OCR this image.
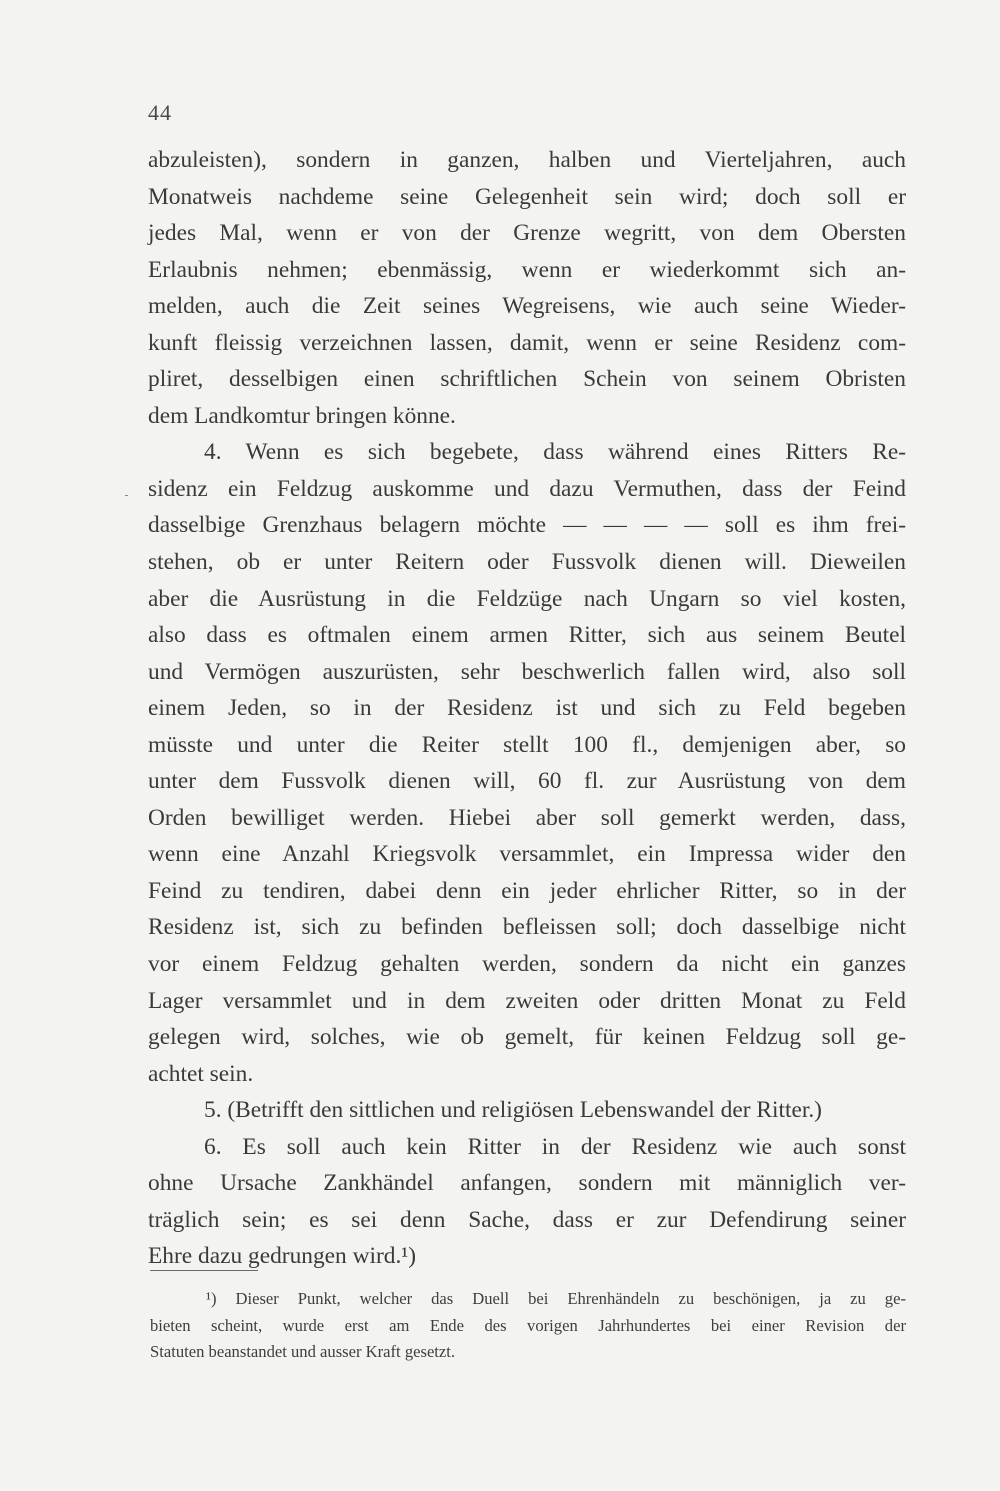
44
abzuleisten), sondern in ganzen, halben und Vierteljahren, auch
Monatweis nachdeme seine Gelegenheit sein wird; doch soll er
jedes Mal, wenn er von der Grenze wegritt, von dem Obersten
Erlaubnis nehmen; ebenmässig, wenn er wiederkommt sich an-
melden, auch die Zeit seines Wegreisens, wie auch seine Wieder-
kunft fleissig verzeichnen lassen, damit, wenn er seine Residenz com-
pliret, desselbigen einen schriftlichen Schein von seinem Obristen
dem Landkomtur bringen könne.
4. Wenn es sich begebete, dass während eines Ritters Re-
sidenz ein Feldzug auskomme und dazu Vermuthen, dass der Feind
dasselbige Grenzhaus belagern möchte — — — — soll es ihm frei-
stehen, ob er unter Reitern oder Fussvolk dienen will. Dieweilen
aber die Ausrüstung in die Feldzüge nach Ungarn so viel kosten,
also dass es oftmalen einem armen Ritter, sich aus seinem Beutel
und Vermögen auszurüsten, sehr beschwerlich fallen wird, also soll
einem Jeden, so in der Residenz ist und sich zu Feld begeben
müsste und unter die Reiter stellt 100 fl., demjenigen aber, so
unter dem Fussvolk dienen will, 60 fl. zur Ausrüstung von dem
Orden bewilliget werden. Hiebei aber soll gemerkt werden, dass,
wenn eine Anzahl Kriegsvolk versammlet, ein Impressa wider den
Feind zu tendiren, dabei denn ein jeder ehrlicher Ritter, so in der
Residenz ist, sich zu befinden befleissen soll; doch dasselbige nicht
vor einem Feldzug gehalten werden, sondern da nicht ein ganzes
Lager versammlet und in dem zweiten oder dritten Monat zu Feld
gelegen wird, solches, wie ob gemelt, für keinen Feldzug soll ge-
achtet sein.
5. (Betrifft den sittlichen und religiösen Lebenswandel der Ritter.)
6. Es soll auch kein Ritter in der Residenz wie auch sonst
ohne Ursache Zankhändel anfangen, sondern mit männiglich ver-
träglich sein; es sei denn Sache, dass er zur Defendirung seiner
Ehre dazu gedrungen wird.¹)
¹) Dieser Punkt, welcher das Duell bei Ehrenhändeln zu beschönigen, ja zu ge-
bieten scheint, wurde erst am Ende des vorigen Jahrhundertes bei einer Revision der
Statuten beanstandet und ausser Kraft gesetzt.
